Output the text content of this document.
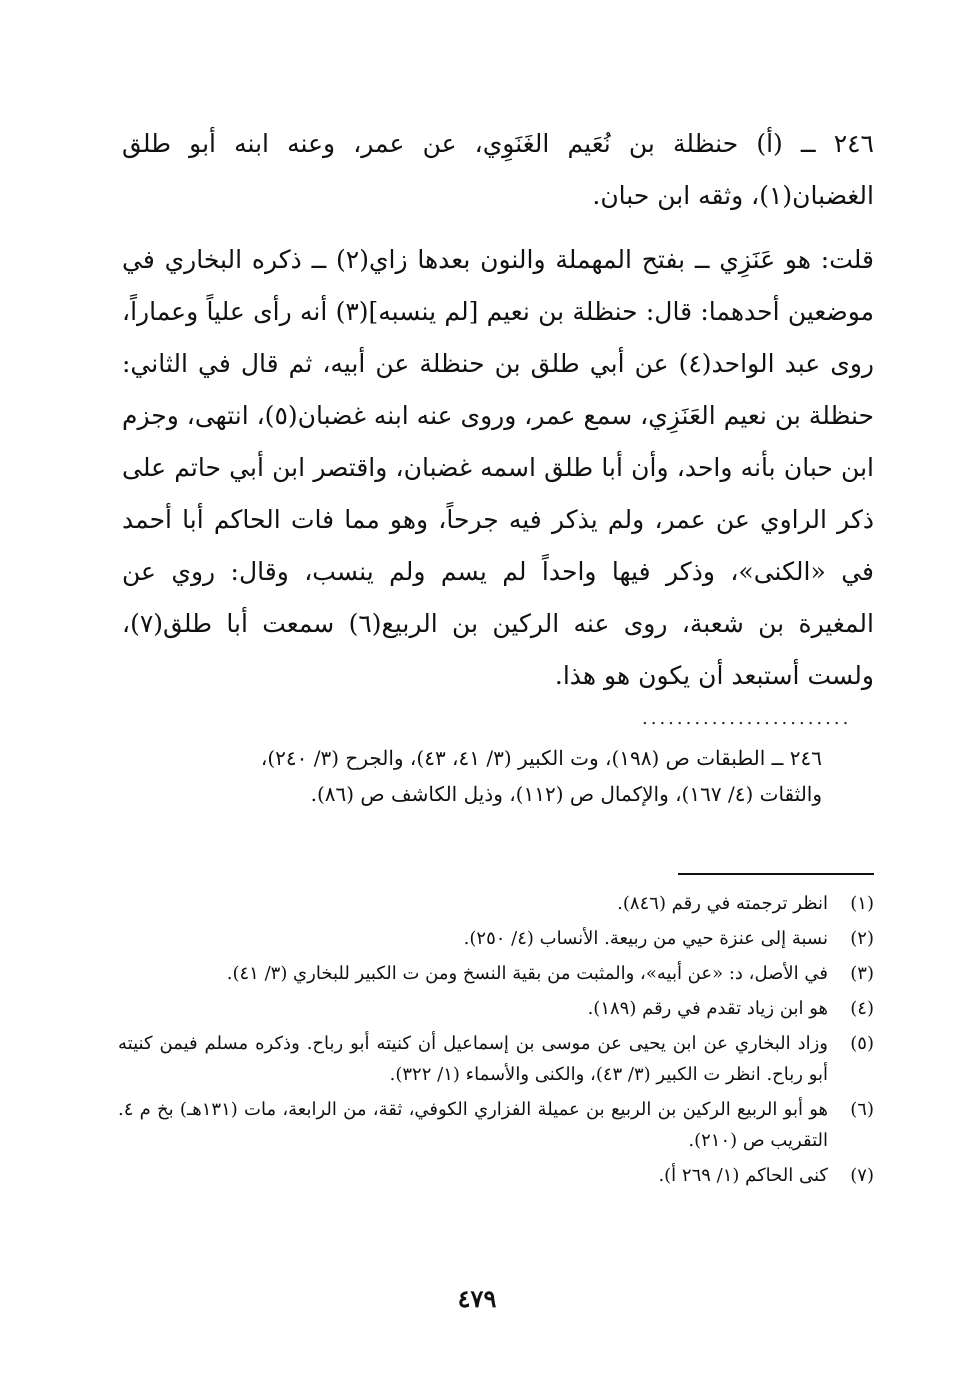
٢٤٦ ــ (أ) حنظلة بن نُعَيم الغَنَوِي، عن عمر، وعنه ابنه أبو طلق الغضبان(١)، وثقه ابن حبان.

قلت: هو عَنَزِي ــ بفتح المهملة والنون بعدها زاي(٢) ــ ذكره البخاري في موضعين أحدهما: قال: حنظلة بن نعيم [لم ينسبه](٣) أنه رأى علياً وعماراً، روى عبد الواحد(٤) عن أبي طلق بن حنظلة عن أبيه، ثم قال في الثاني: حنظلة بن نعيم العَنَزِي، سمع عمر، وروى عنه ابنه غضبان(٥)، انتهى، وجزم ابن حبان بأنه واحد، وأن أبا طلق اسمه غضبان، واقتصر ابن أبي حاتم على ذكر الراوي عن عمر، ولم يذكر فيه جرحاً، وهو مما فات الحاكم أبا أحمد في «الكنى»، وذكر فيها واحداً لم يسم ولم ينسب، وقال: روي عن المغيرة بن شعبة، روى عنه الركين بن الربيع(٦) سمعت أبا طلق(٧)، ولست أستبعد أن يكون هو هذا.

........................
٢٤٦ ــ الطبقات ص (١٩٨)، وت الكبير (٣/ ٤١، ٤٣)، والجرح (٣/ ٢٤٠)،
والثقات (٤/ ١٦٧)، والإكمال ص (١١٢)، وذيل الكاشف ص (٨٦).
(١)
انظر ترجمته في رقم (٨٤٦).
(٢)
نسبة إلى عنزة حيي من ربيعة. الأنساب (٤/ ٢٥٠).
(٣)
في الأصل، د: «عن أبيه»، والمثبت من بقية النسخ ومن ت الكبير للبخاري (٣/ ٤١).
(٤)
هو ابن زياد تقدم في رقم (١٨٩).
(٥)
وزاد البخاري عن ابن يحيى عن موسى بن إسماعيل أن كنيته أبو رباح. وذكره مسلم فيمن كنيته أبو رباح. انظر ت الكبير (٣/ ٤٣)، والكنى والأسماء (١/ ٣٢٢).
(٦)
هو أبو الربيع الركين بن الربيع بن عميلة الفزاري الكوفي، ثقة، من الرابعة، مات (١٣١هـ) بخ م ٤. التقريب ص (٢١٠).
(٧)
كنى الحاكم (١/ ٢٦٩ أ).
٤٧٩
